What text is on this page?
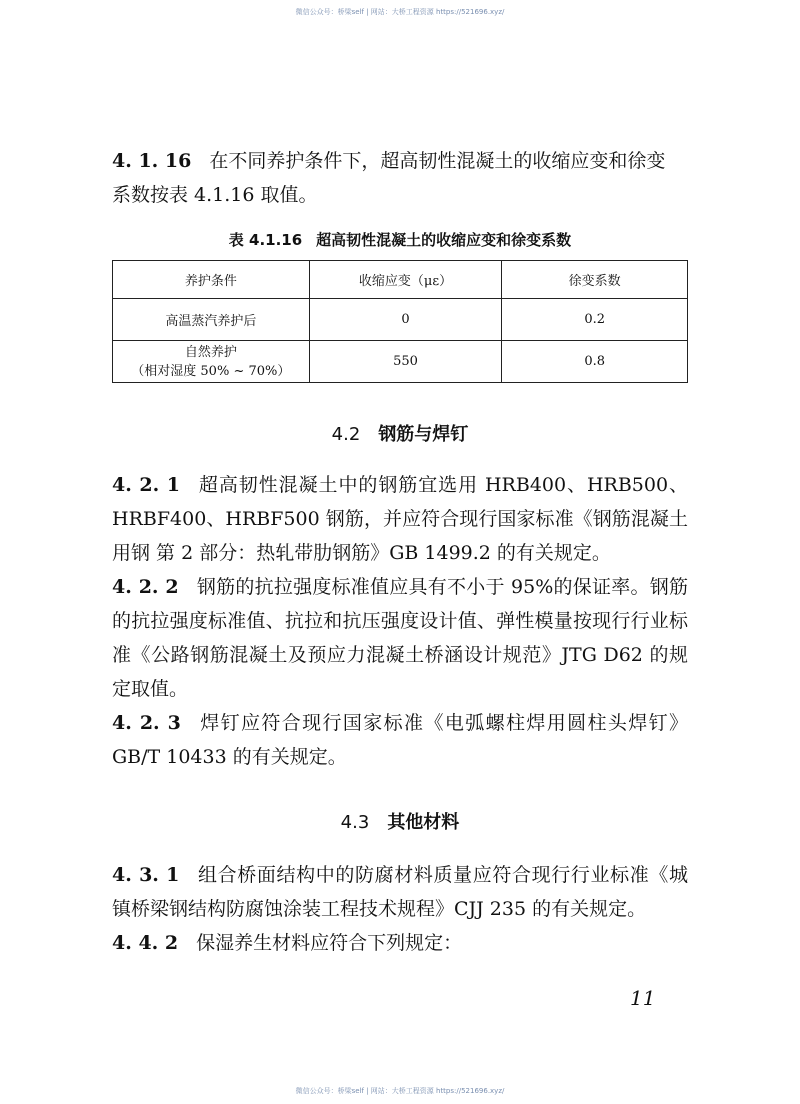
微信公众号：桥梁self | 网站：大桥工程资源 https://521696.xyz/

4. 1. 16 在不同养护条件下，超高韧性混凝土的收缩应变和徐变
系数按表 4.1.16 取值。

表 4.1.16 超高韧性混凝土的收缩应变和徐变系数
养护条件	收缩应变（με）	徐变系数
高温蒸汽养护后	0	0.2

自然养护
（相对湿度 50% ~ 70%）	550	0.8
4.2 钢筋与焊钉

4. 2. 1 超高韧性混凝土中的钢筋宜选用 HRB400、HRB500、HRBF400、HRBF500 钢筋，并应符合现行国家标准《钢筋混凝土用钢 第 2 部分：热轧带肋钢筋》GB 1499.2 的有关规定。

4. 2. 2 钢筋的抗拉强度标准值应具有不小于 95%的保证率。钢筋的抗拉强度标准值、抗拉和抗压强度设计值、弹性模量按现行行业标准《公路钢筋混凝土及预应力混凝土桥涵设计规范》JTG D62 的规定取值。

4. 2. 3 焊钉应符合现行国家标准《电弧螺柱焊用圆柱头焊钉》GB/T 10433 的有关规定。

4.3 其他材料

4. 3. 1 组合桥面结构中的防腐材料质量应符合现行行业标准《城镇桥梁钢结构防腐蚀涂装工程技术规程》CJJ 235 的有关规定。

4. 4. 2 保湿养生材料应符合下列规定：

11
微信公众号：桥梁self | 网站：大桥工程资源 https://521696.xyz/
